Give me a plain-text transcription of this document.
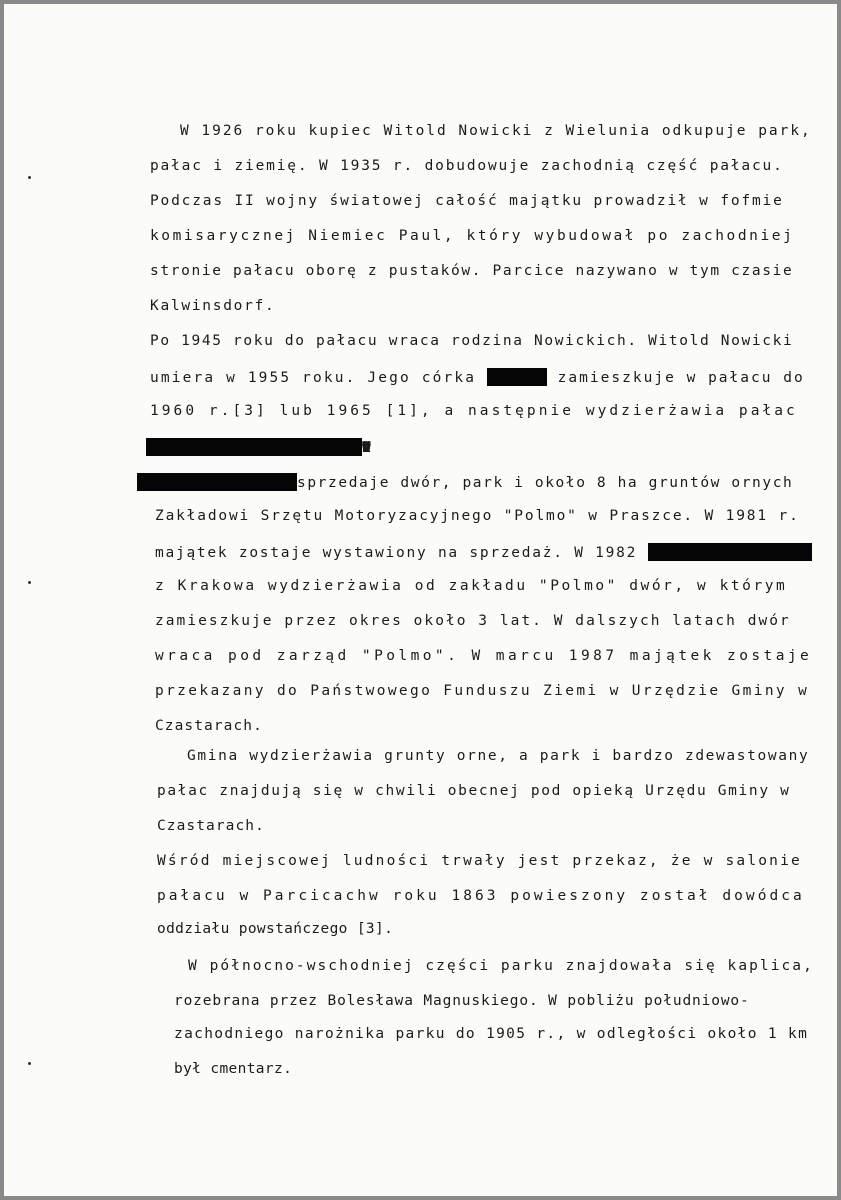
W 1926 roku kupiec Witold Nowicki z Wielunia odkupuje park,
pałac i ziemię. W 1935 r. dobudowuje zachodnią część pałacu.
Podczas II wojny światowej całość majątku prowadził w fofmie
komisarycznej Niemiec Paul, który wybudował po zachodniej
stronie pałacu oborę z pustaków. Parcice nazywano w tym czasie
Kalwinsdorf.
Po 1945 roku do pałacu wraca rodzina Nowickich. Witold Nowicki
umiera w 1955 roku. Jego córka	zamieszkuje w pałacu do
1960 r.[3] lub 1965 [1], a następnie wydzierżawia pałac
Dzierżawa trwa do roku 1977. W roku 1977
sprzedaje dwór, park i około 8 ha gruntów ornych
Zakładowi Srzętu Motoryzacyjnego "Polmo" w Praszce. W 1981 r.
majątek zostaje wystawiony na sprzedaż. W 1982
z Krakowa wydzierżawia od zakładu "Polmo" dwór, w którym
zamieszkuje przez okres około 3 lat. W dalszych latach dwór
wraca pod zarząd "Polmo". W marcu 1987 majątek zostaje
przekazany do Państwowego Funduszu Ziemi w Urzędzie Gminy w
Czastarach.
Gmina wydzierżawia grunty orne, a park i bardzo zdewastowany
pałac znajdują się w chwili obecnej pod opieką Urzędu Gminy w
Czastarach.
Wśród miejscowej ludności trwały jest przekaz, że w salonie
pałacu w Parcicachw roku 1863 powieszony został dowódca
oddziału powstańczego [3].
W północno-wschodniej części parku znajdowała się kaplica,
rozebrana przez Bolesława Magnuskiego. W pobliżu południowo-
zachodniego narożnika parku do 1905 r., w odległości około 1 km
był cmentarz.
